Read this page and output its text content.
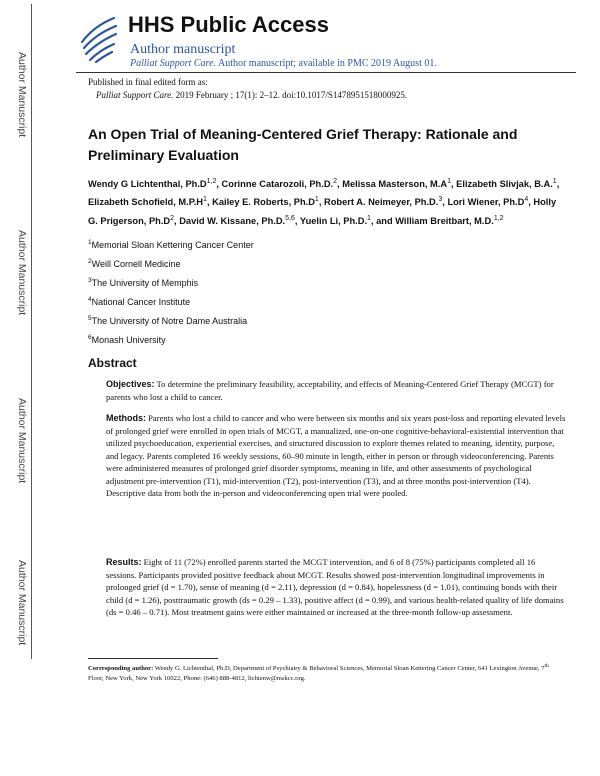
Author Manuscript
Author Manuscript
Author Manuscript
Author Manuscript
HHS Public Access
Author manuscript
Palliat Support Care. Author manuscript; available in PMC 2019 August 01.
Published in final edited form as:
Palliat Support Care. 2019 February ; 17(1): 2–12. doi:10.1017/S1478951518000925.
An Open Trial of Meaning-Centered Grief Therapy: Rationale and Preliminary Evaluation
Wendy G Lichtenthal, $Ph.D^{1,2}$, Corinne Catarozoli, Ph.D.$^2$, Melissa Masterson, $M.A^1$, Elizabeth Slivjak, B.A.$^1$, Elizabeth Schofield, $M.P.H^1$, Kailey E. Roberts, $Ph.D^1$, Robert A. Neimeyer, Ph.D.$^3$, Lori Wiener, $Ph.D^4$, Holly G. Prigerson, $Ph.D^2$, David W. Kissane, Ph.D.$^{5,6}$, Yuelin Li, Ph.D.$^1$, and William Breitbart, M.D.$^{1,2}$
$^1$Memorial Sloan Kettering Cancer Center
$^2$Weill Cornell Medicine
$^3$The University of Memphis
$^4$National Cancer Institute
$^5$The University of Notre Dame Australia
$^6$Monash University
Abstract
Objectives: To determine the preliminary feasibility, acceptability, and effects of Meaning-Centered Grief Therapy (MCGT) for parents who lost a child to cancer.
Methods: Parents who lost a child to cancer and who were between six months and six years post-loss and reporting elevated levels of prolonged grief were enrolled in open trials of MCGT, a manualized, one-on-one cognitive-behavioral-existential intervention that utilized psychoeducation, experiential exercises, and structured discussion to explore themes related to meaning, identity, purpose, and legacy. Parents completed 16 weekly sessions, 60–90 minute in length, either in person or through videoconferencing. Parents were administered measures of prolonged grief disorder symptoms, meaning in life, and other assessments of psychological adjustment pre-intervention (T1), mid-intervention (T2), post-intervention (T3), and at three months post-intervention (T4). Descriptive data from both the in-person and videoconferencing open trial were pooled.
Results: Eight of 11 (72%) enrolled parents started the MCGT intervention, and 6 of 8 (75%) participants completed all 16 sessions. Participants provided positive feedback about MCGT. Results showed post-intervention longitudinal improvements in prolonged grief (d = 1.70), sense of meaning (d = 2.11), depression (d = 0.84), hopelessness (d = 1.01), continuing bonds with their child (d = 1.26), posttraumatic growth (ds = 0.29 – 1.33), positive affect (d = 0.99), and various health-related quality of life domains (ds = 0.46 – 0.71). Most treatment gains were either maintained or increased at the three-month follow-up assessment.
Corresponding author: Wendy G. Lichtenthal, Ph.D, Department of Psychiatry & Behavioral Sciences, Memorial Sloan Kettering Cancer Center, 641 Lexington Avenue, 7th Floor, New York, New York 10022, Phone: (646) 888-4812, lichtenw@mskcc.org.
